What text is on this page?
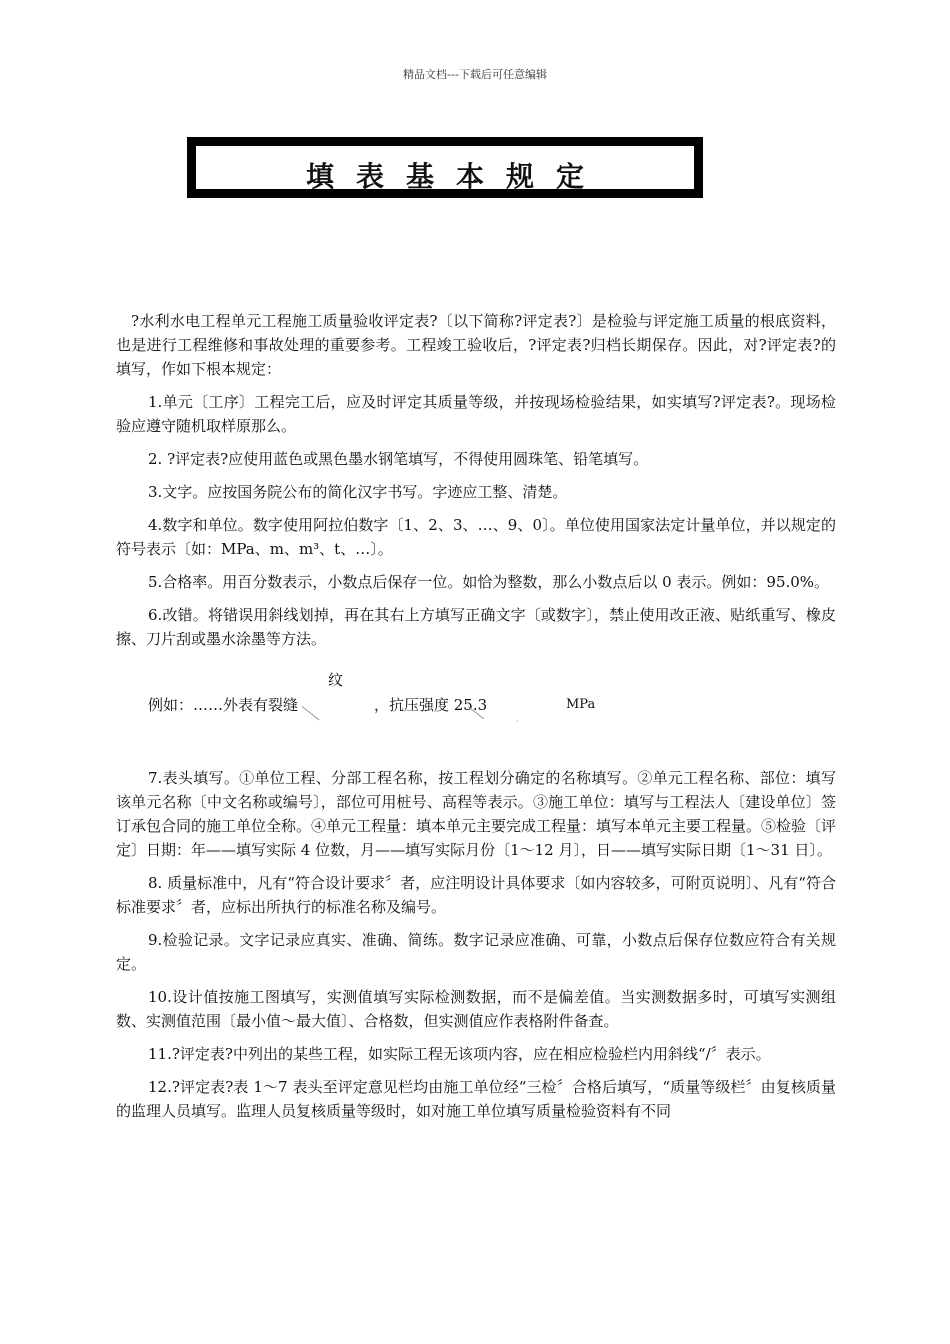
精品文档---下载后可任意编辑
填表基本规定

?水利水电工程单元工程施工质量验收评定表?〔以下简称?评定表?〕是检验与评定施工质量的根底资料，也是进行工程维修和事故处理的重要参考。工程竣工验收后，?评定表?归档长期保存。因此，对?评定表?的填写，作如下根本规定：

1.单元〔工序〕工程完工后，应及时评定其质量等级，并按现场检验结果，如实填写?评定表?。现场检验应遵守随机取样原那么。

2. ?评定表?应使用蓝色或黑色墨水钢笔填写，不得使用圆珠笔、铅笔填写。

3.文字。应按国务院公布的简化汉字书写。字迹应工整、清楚。

4.数字和单位。数字使用阿拉伯数字〔1、2、3、…、9、0〕。单位使用国家法定计量单位，并以规定的符号表示〔如：MPa、m、m³、t、…〕。

5.合格率。用百分数表示，小数点后保存一位。如恰为整数，那么小数点后以 0 表示。例如：95.0%。

6.改错。将错误用斜线划掉，再在其右上方填写正确文字〔或数字〕，禁止使用改正液、贴纸重写、橡皮擦、刀片刮或墨水涂墨等方法。

例如：……外表有裂缝
纹
，抗压强度 25.3
·
MPa

7.表头填写。①单位工程、分部工程名称，按工程划分确定的名称填写。②单元工程名称、部位：填写该单元名称〔中文名称或编号〕，部位可用桩号、高程等表示。③施工单位：填写与工程法人〔建设单位〕签订承包合同的施工单位全称。④单元工程量：填本单元主要完成工程量：填写本单元主要工程量。⑤检验〔评定〕日期：年——填写实际 4 位数，月——填写实际月份〔1～12 月〕，日——填写实际日期〔1～31 日〕。

8. 质量标准中，凡有“符合设计要求〞者，应注明设计具体要求〔如内容较多，可附页说明〕、凡有“符合标准要求〞者，应标出所执行的标准名称及编号。

9.检验记录。文字记录应真实、准确、简练。数字记录应准确、可靠，小数点后保存位数应符合有关规定。

10.设计值按施工图填写，实测值填写实际检测数据，而不是偏差值。当实测数据多时，可填写实测组数、实测值范围〔最小值～最大值〕、合格数，但实测值应作表格附件备查。

11.?评定表?中列出的某些工程，如实际工程无该项内容，应在相应检验栏内用斜线“/〞表示。

12.?评定表?表 1～7 表头至评定意见栏均由施工单位经“三检〞合格后填写，“质量等级栏〞由复核质量的监理人员填写。监理人员复核质量等级时，如对施工单位填写质量检验资料有不同
